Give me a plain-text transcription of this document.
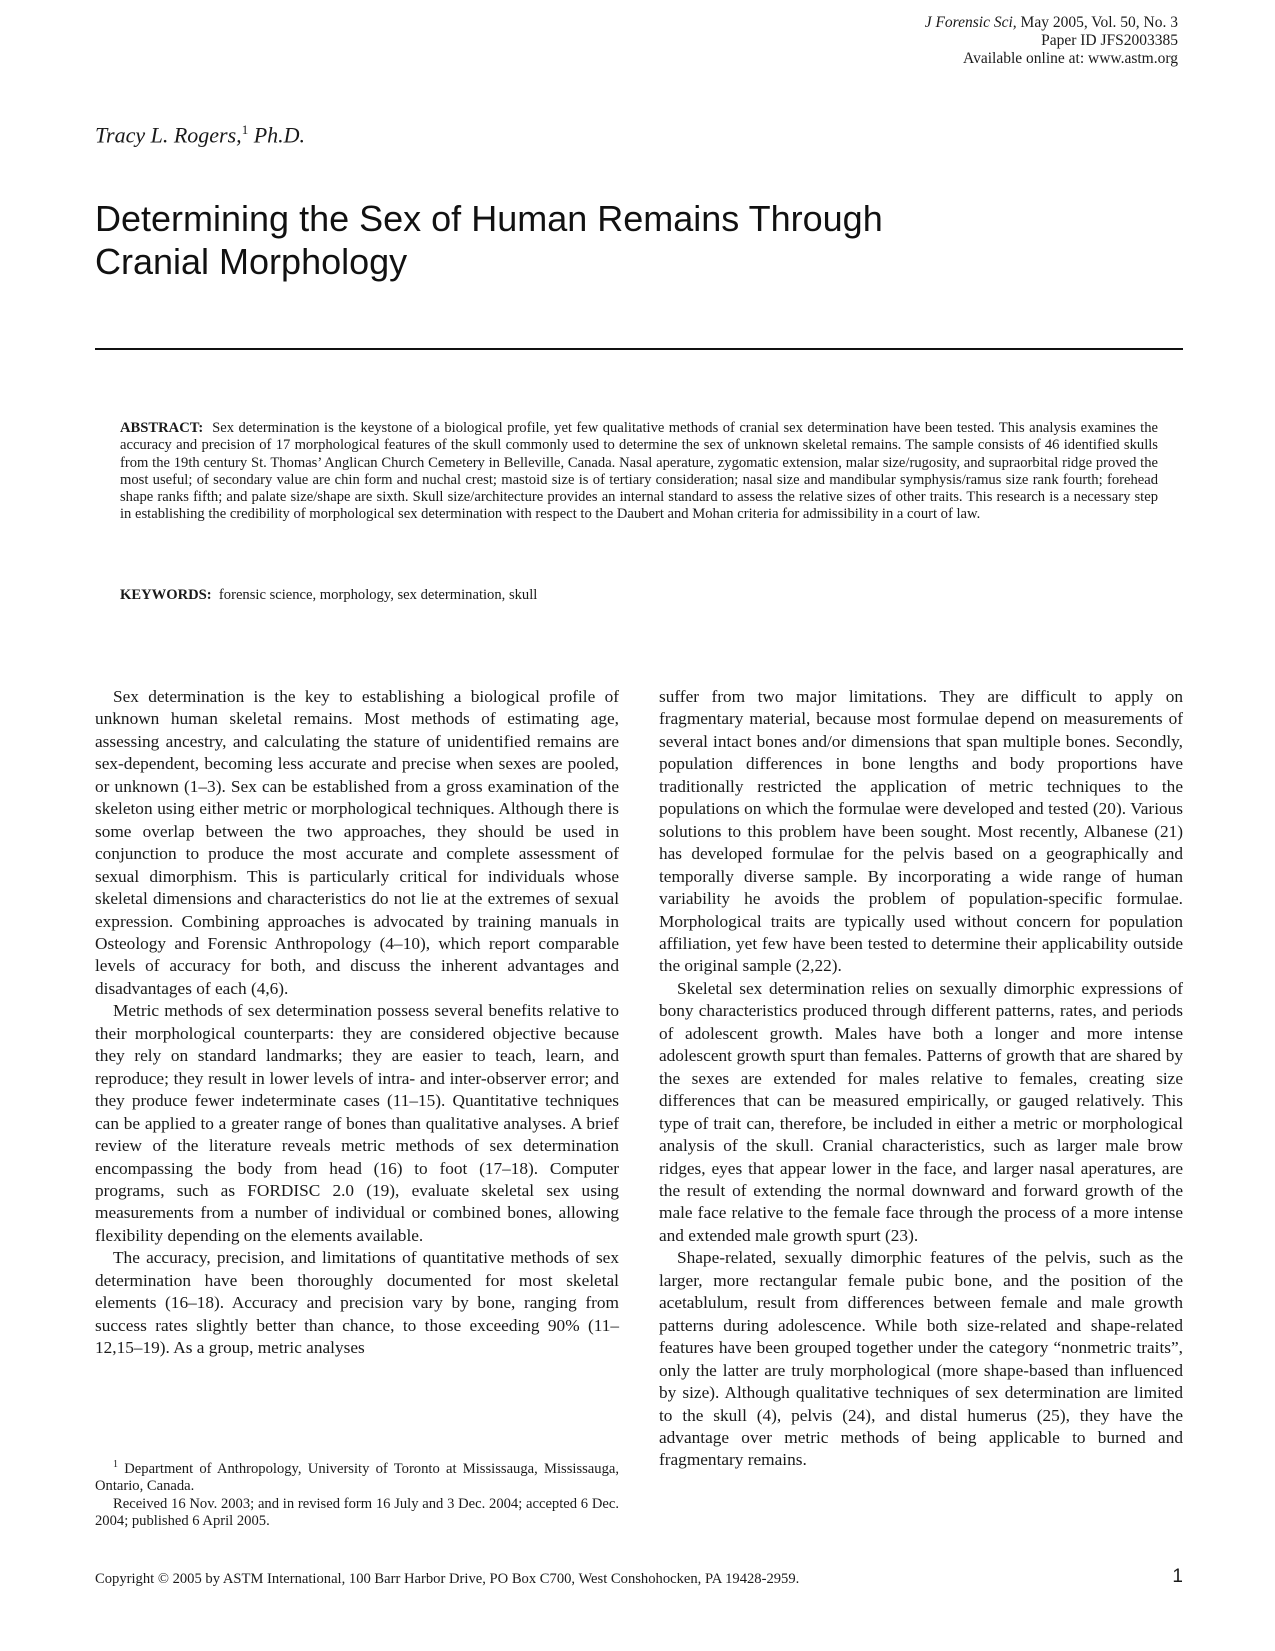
J Forensic Sci, May 2005, Vol. 50, No. 3
Paper ID JFS2003385
Available online at: www.astm.org
Tracy L. Rogers,$^1$ Ph.D.
Determining the Sex of Human Remains Through
Cranial Morphology

ABSTRACT: Sex determination is the keystone of a biological profile, yet few qualitative methods of cranial sex determination have been tested. This analysis examines the accuracy and precision of 17 morphological features of the skull commonly used to determine the sex of unknown skeletal remains. The sample consists of 46 identified skulls from the 19th century St. Thomas’ Anglican Church Cemetery in Belleville, Canada. Nasal aperature, zygomatic extension, malar size/rugosity, and supraorbital ridge proved the most useful; of secondary value are chin form and nuchal crest; mastoid size is of tertiary consideration; nasal size and mandibular symphysis/ramus size rank fourth; forehead shape ranks fifth; and palate size/shape are sixth. Skull size/architecture provides an internal standard to assess the relative sizes of other traits. This research is a necessary step in establishing the credibility of morphological sex determination with respect to the Daubert and Mohan criteria for admissibility in a court of law.

KEYWORDS: forensic science, morphology, sex determination, skull

Sex determination is the key to establishing a biological profile of unknown human skeletal remains. Most methods of estimating age, assessing ancestry, and calculating the stature of unidentified remains are sex-dependent, becoming less accurate and precise when sexes are pooled, or unknown (1–3). Sex can be established from a gross examination of the skeleton using either metric or morphological techniques. Although there is some overlap between the two approaches, they should be used in conjunction to produce the most accurate and complete assessment of sexual dimorphism. This is particularly critical for individuals whose skeletal dimensions and characteristics do not lie at the extremes of sexual expression. Combining approaches is advocated by training manuals in Osteology and Forensic Anthropology (4–10), which report comparable levels of accuracy for both, and discuss the inherent advantages and disadvantages of each (4,6).

Metric methods of sex determination possess several benefits relative to their morphological counterparts: they are considered objective because they rely on standard landmarks; they are easier to teach, learn, and reproduce; they result in lower levels of intra- and inter-observer error; and they produce fewer indeterminate cases (11–15). Quantitative techniques can be applied to a greater range of bones than qualitative analyses. A brief review of the literature reveals metric methods of sex determination encompassing the body from head (16) to foot (17–18). Computer programs, such as FORDISC 2.0 (19), evaluate skeletal sex using measurements from a number of individual or combined bones, allowing flexibility depending on the elements available.

The accuracy, precision, and limitations of quantitative methods of sex determination have been thoroughly documented for most skeletal elements (16–18). Accuracy and precision vary by bone, ranging from success rates slightly better than chance, to those exceeding 90% (11–12,15–19). As a group, metric analyses

suffer from two major limitations. They are difficult to apply on fragmentary material, because most formulae depend on measurements of several intact bones and/or dimensions that span multiple bones. Secondly, population differences in bone lengths and body proportions have traditionally restricted the application of metric techniques to the populations on which the formulae were developed and tested (20). Various solutions to this problem have been sought. Most recently, Albanese (21) has developed formulae for the pelvis based on a geographically and temporally diverse sample. By incorporating a wide range of human variability he avoids the problem of population-specific formulae. Morphological traits are typically used without concern for population affiliation, yet few have been tested to determine their applicability outside the original sample (2,22).

Skeletal sex determination relies on sexually dimorphic expressions of bony characteristics produced through different patterns, rates, and periods of adolescent growth. Males have both a longer and more intense adolescent growth spurt than females. Patterns of growth that are shared by the sexes are extended for males relative to females, creating size differences that can be measured empirically, or gauged relatively. This type of trait can, therefore, be included in either a metric or morphological analysis of the skull. Cranial characteristics, such as larger male brow ridges, eyes that appear lower in the face, and larger nasal aperatures, are the result of extending the normal downward and forward growth of the male face relative to the female face through the process of a more intense and extended male growth spurt (23).

Shape-related, sexually dimorphic features of the pelvis, such as the larger, more rectangular female pubic bone, and the position of the acetablulum, result from differences between female and male growth patterns during adolescence. While both size-related and shape-related features have been grouped together under the category “nonmetric traits”, only the latter are truly morphological (more shape-based than influenced by size). Although qualitative techniques of sex determination are limited to the skull (4), pelvis (24), and distal humerus (25), they have the advantage over metric methods of being applicable to burned and fragmentary remains.

$^1$ Department of Anthropology, University of Toronto at Mississauga, Mississauga, Ontario, Canada.

Received 16 Nov. 2003; and in revised form 16 July and 3 Dec. 2004; accepted 6 Dec. 2004; published 6 April 2005.

Copyright © 2005 by ASTM International, 100 Barr Harbor Drive, PO Box C700, West Conshohocken, PA 19428-2959.	1
